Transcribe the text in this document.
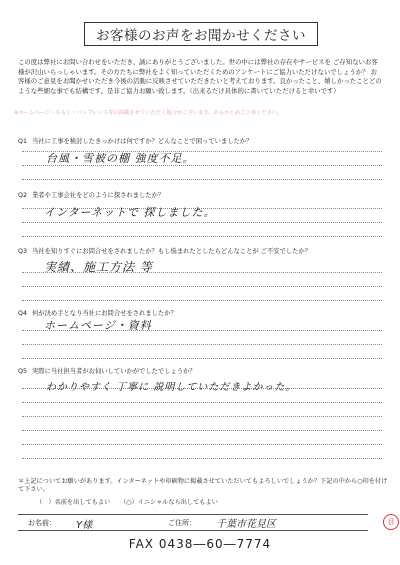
お客様のお声をお聞かせください
この度は弊社にお問い合わせをいただき、誠にありがとうございました。世の中には弊社の存在やサービスを ご存知ないお客様が沢山いらっしゃいます。その方たちに弊社をよく知っていただくためのアンケートにご協力いただけないでしょうか？ お客様のご意見をお聞かせいただき今後の活動に反映させていただきたいと考えております。良かったこと、嬉しかったことどのような些細な事でも結構です。是非ご協力お願い致します。（出来るだけ具体的に書いていただけると幸いです）
※ホームページ・ちらし・パンフレット等に掲載させていただく場合がございます。あらかじめご了承ください。
Q1 当社に工事を検討したきっかけは何ですか？どんなことで困っていましたか？
台風・雪被の棚 強度不足。
Q2 業者や工事会社をどのように探されましたか？
インターネットで 探しました。
Q3 当社を知りすぐにお問合せをされましたか？もし悩まれたとしたらどんなことが ご不安でしたか？
実績、施工方法 等
Q4 何が決め手となり当社にお問合せをされましたか？
ホームページ・資料
Q5 実際に当社担当者がお伺いしていかがでしたでしょうか？
わかりやすく 丁寧に 説明していただきよかった。
＊上記についてお願いがあります。インターネットや印刷物に掲載させていただいてもよろしいでしょうか？下記の中から○印を付けて下さい。
（　）名前を出してもよい （○）イニシャルなら出してもよい
お名前： Y様	ご住所： 千葉市花見区	目
FAX 0438―60―7774
